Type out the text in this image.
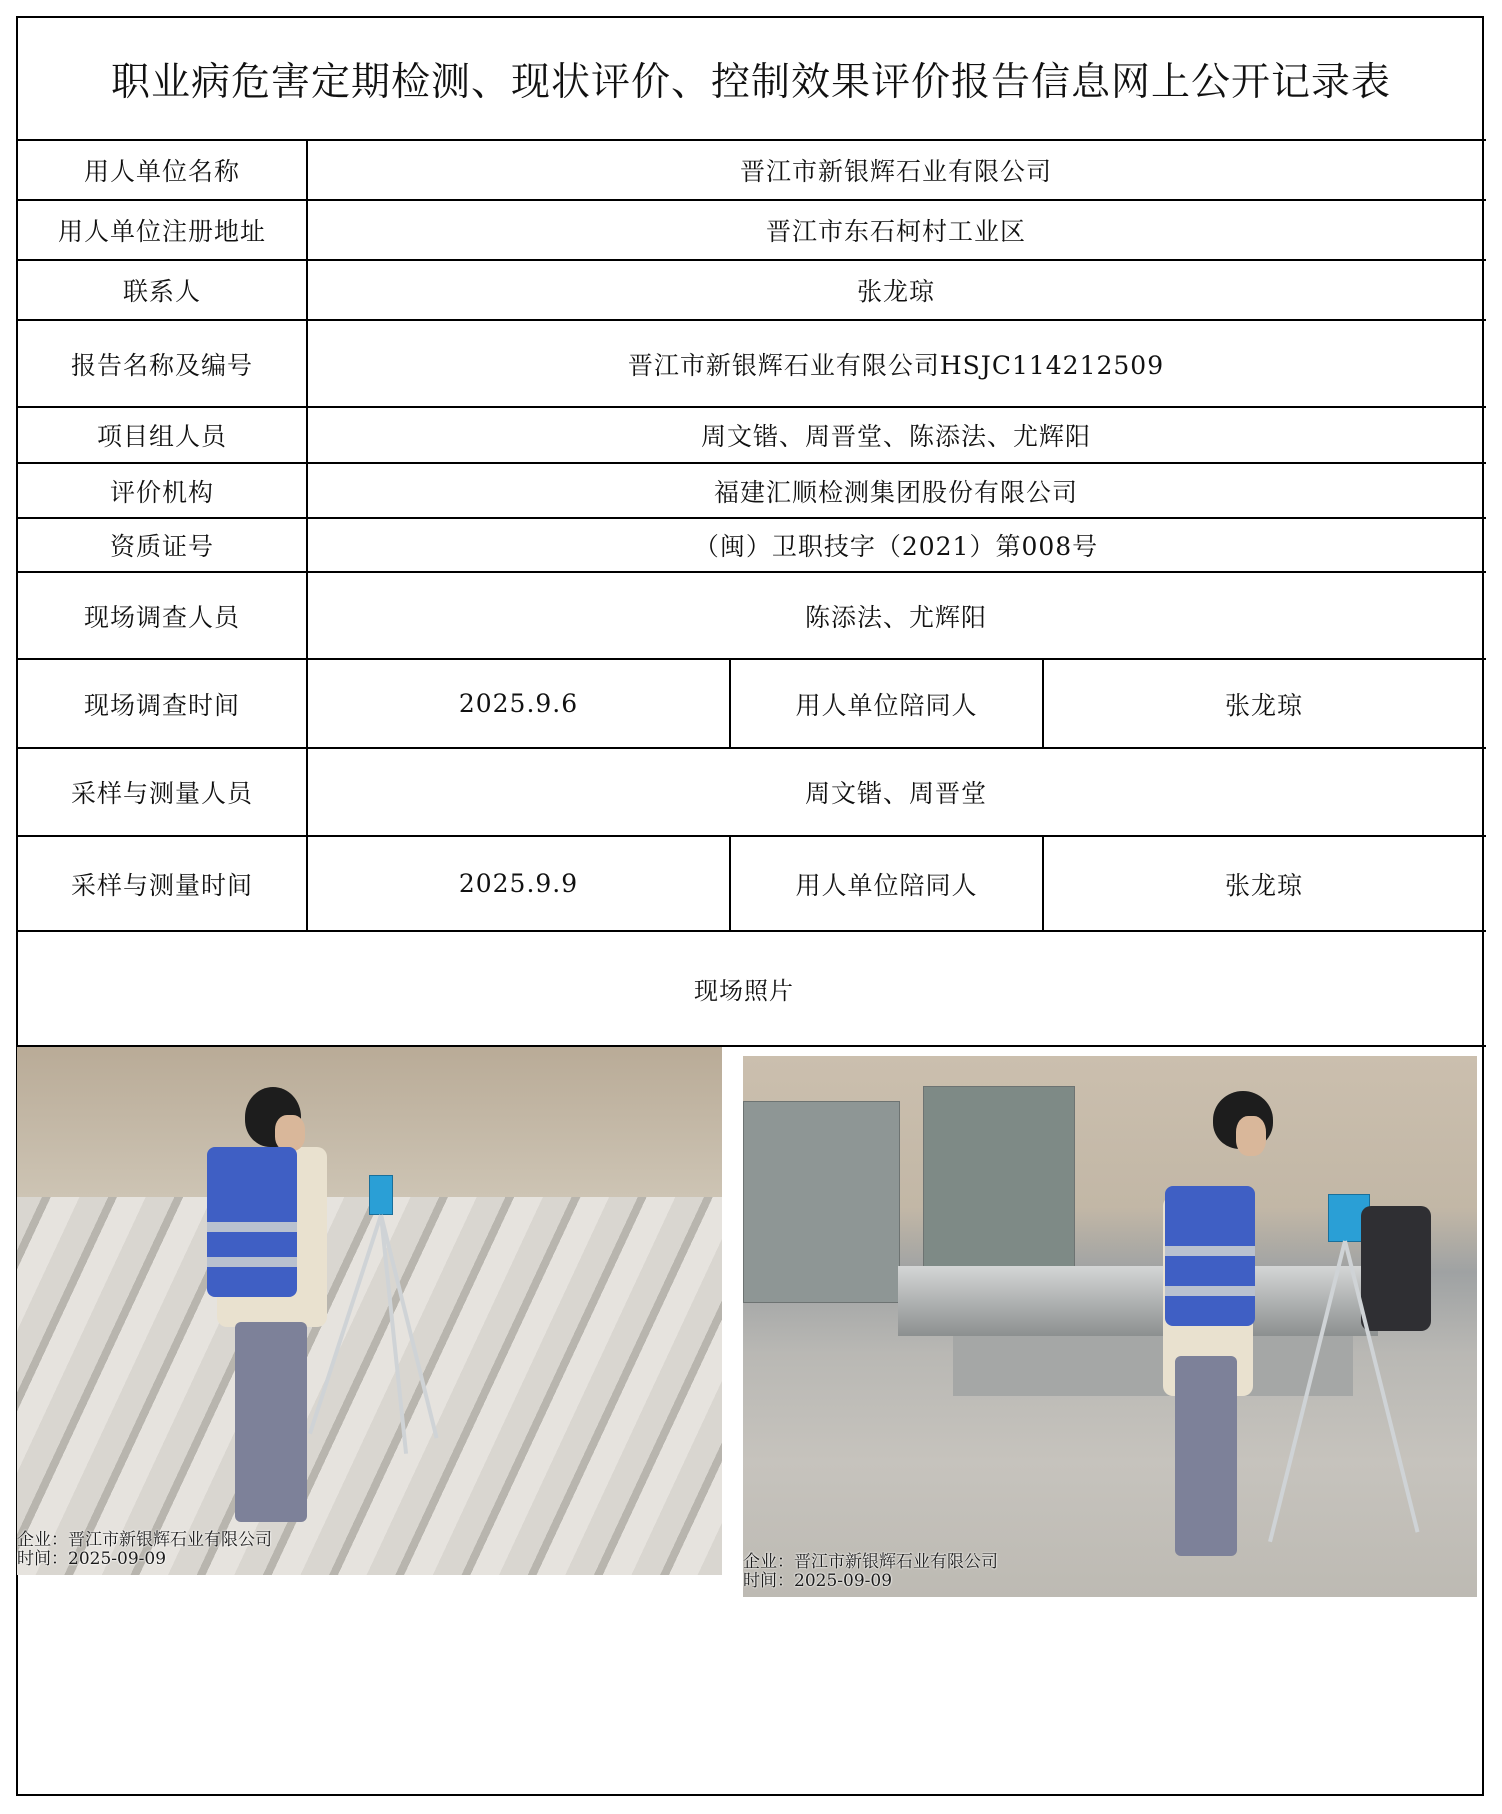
职业病危害定期检测、现状评价、控制效果评价报告信息网上公开记录表
用人单位名称	晋江市新银辉石业有限公司
用人单位注册地址	晋江市东石柯村工业区
联系人	张龙琼
报告名称及编号	晋江市新银辉石业有限公司HSJC114212509
项目组人员	周文锴、周晋堂、陈添法、尤辉阳
评价机构	福建汇顺检测集团股份有限公司
资质证号	（闽）卫职技字（2021）第008号
现场调查人员	陈添法、尤辉阳
现场调查时间	2025.9.6	用人单位陪同人	张龙琼
采样与测量人员	周文锴、周晋堂
采样与测量时间	2025.9.9	用人单位陪同人	张龙琼
现场照片
企业：晋江市新银辉石业有限公司
时间：2025-09-09	企业：晋江市新银辉石业有限公司
时间：2025-09-09
